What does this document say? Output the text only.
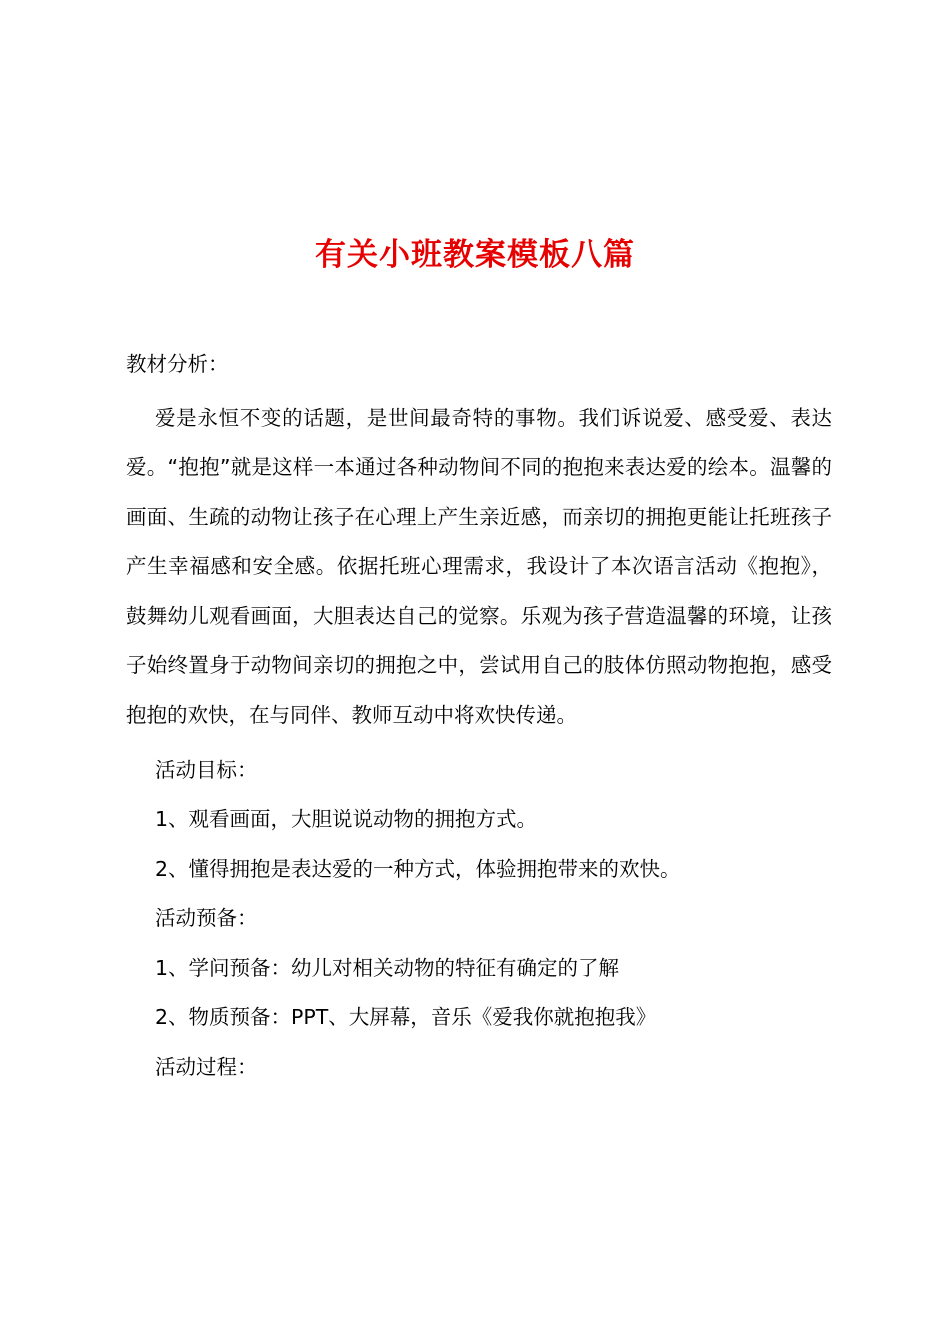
有关小班教案模板八篇

教材分析：

爱是永恒不变的话题，是世间最奇特的事物。我们诉说爱、感受爱、表达爱。“抱抱”就是这样一本通过各种动物间不同的抱抱来表达爱的绘本。温馨的画面、生疏的动物让孩子在心理上产生亲近感，而亲切的拥抱更能让托班孩子产生幸福感和安全感。依据托班心理需求，我设计了本次语言活动《抱抱》，鼓舞幼儿观看画面，大胆表达自己的觉察。乐观为孩子营造温馨的环境，让孩子始终置身于动物间亲切的拥抱之中，尝试用自己的肢体仿照动物抱抱，感受抱抱的欢快，在与同伴、教师互动中将欢快传递。

活动目标：

1、观看画面，大胆说说动物的拥抱方式。

2、懂得拥抱是表达爱的一种方式，体验拥抱带来的欢快。

活动预备：

1、学问预备：幼儿对相关动物的特征有确定的了解

2、物质预备：PPT、大屏幕，音乐《爱我你就抱抱我》

活动过程：
